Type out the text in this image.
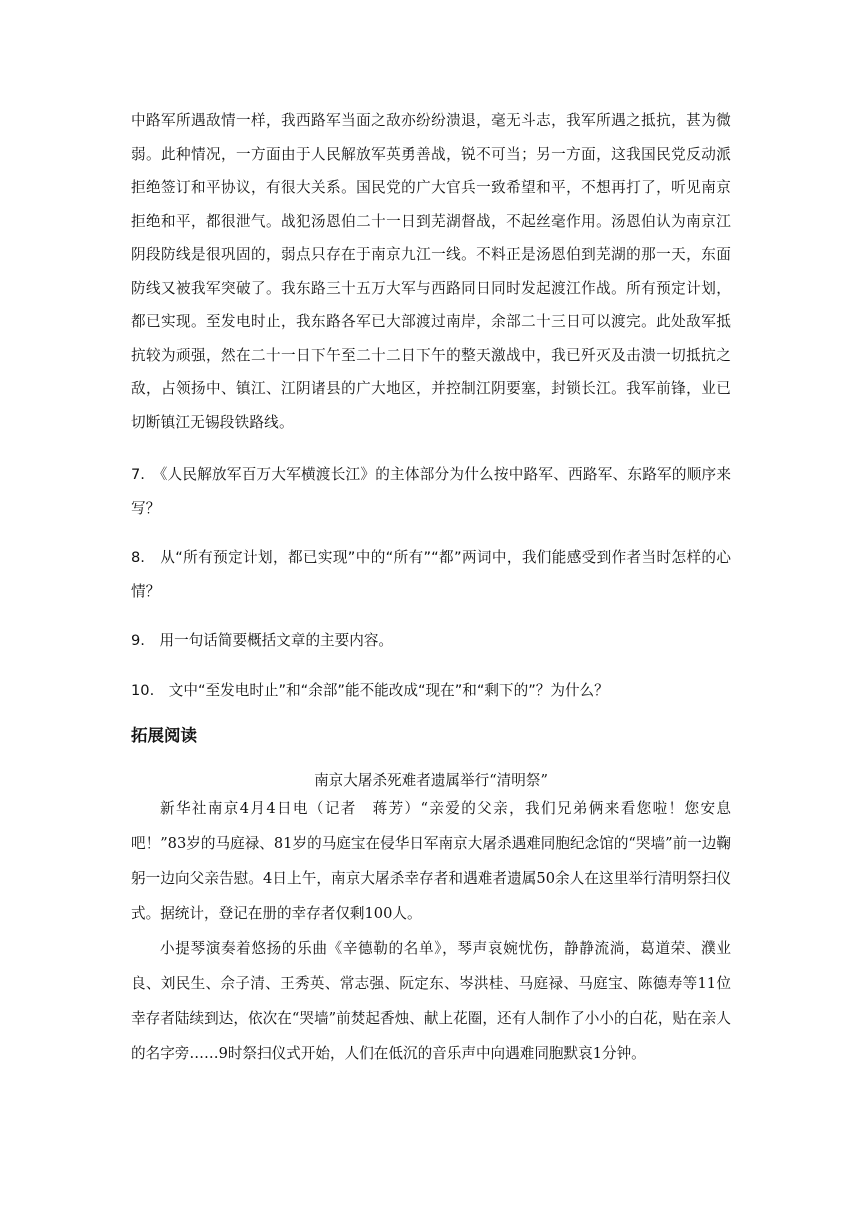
中路军所遇敌情一样，我西路军当面之敌亦纷纷溃退，毫无斗志，我军所遇之抵抗，甚为微弱。此种情况，一方面由于人民解放军英勇善战，锐不可当；另一方面，这我国民党反动派拒绝签订和平协议，有很大关系。国民党的广大官兵一致希望和平，不想再打了，听见南京拒绝和平，都很泄气。战犯汤恩伯二十一日到芜湖督战，不起丝毫作用。汤恩伯认为南京江阴段防线是很巩固的，弱点只存在于南京九江一线。不料正是汤恩伯到芜湖的那一天，东面防线又被我军突破了。我东路三十五万大军与西路同日同时发起渡江作战。所有预定计划，都已实现。至发电时止，我东路各军已大部渡过南岸，余部二十三日可以渡完。此处敌军抵抗较为顽强，然在二十一日下午至二十二日下午的整天激战中，我已歼灭及击溃一切抵抗之敌，占领扬中、镇江、江阴诸县的广大地区，并控制江阴要塞，封锁长江。我军前锋，业已切断镇江无锡段铁路线。

7.　《人民解放军百万大军横渡长江》的主体部分为什么按中路军、西路军、东路军的顺序来写？

8.　从“所有预定计划，都已实现”中的“所有”“都”两词中，我们能感受到作者当时怎样的心情？

9.　用一句话简要概括文章的主要内容。

10.　文中“至发电时止”和“余部”能不能改成“现在”和“剩下的”？为什么？

拓展阅读

南京大屠杀死难者遗属举行“清明祭”

新华社南京4月4日电（记者　蒋芳）“亲爱的父亲，我们兄弟俩来看您啦！您安息吧！”83岁的马庭禄、81岁的马庭宝在侵华日军南京大屠杀遇难同胞纪念馆的“哭墙”前一边鞠躬一边向父亲告慰。4日上午，南京大屠杀幸存者和遇难者遗属50余人在这里举行清明祭扫仪式。据统计，登记在册的幸存者仅剩100人。

小提琴演奏着悠扬的乐曲《辛德勒的名单》，琴声哀婉忧伤，静静流淌，葛道荣、濮业良、刘民生、佘子清、王秀英、常志强、阮定东、岑洪桂、马庭禄、马庭宝、陈德寿等11位幸存者陆续到达，依次在“哭墙”前焚起香烛、献上花圈，还有人制作了小小的白花，贴在亲人的名字旁……9时祭扫仪式开始，人们在低沉的音乐声中向遇难同胞默哀1分钟。
